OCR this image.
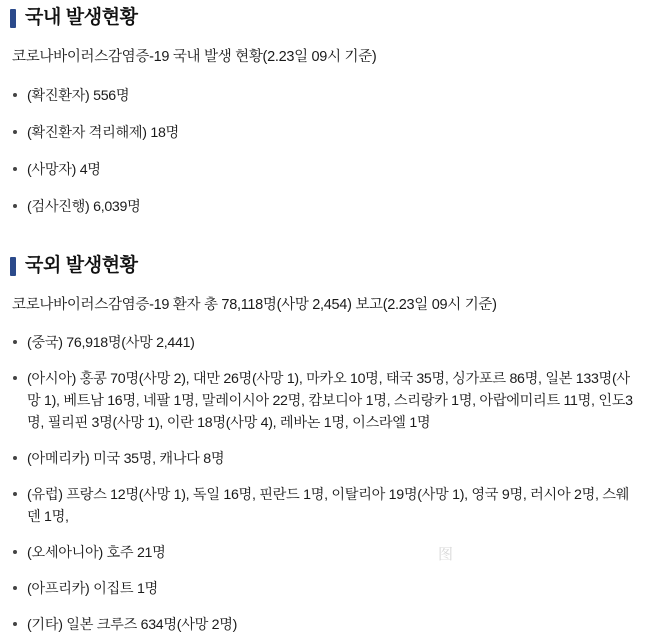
국내 발생현황

코로나바이러스감염증-19 국내 발생 현황(2.23일 09시 기준)

(확진환자) 556명
(확진환자 격리해제) 18명
(사망자) 4명
(검사진행) 6,039명
국외 발생현황

코로나바이러스감염증-19 환자 총 78,118명(사망 2,454) 보고(2.23일 09시 기준)

(중국) 76,918명(사망 2,441)
(아시아) 홍콩 70명(사망 2), 대만 26명(사망 1), 마카오 10명, 태국 35명, 싱가포르 86명, 일본 133명(사망 1), 베트남 16명, 네팔 1명, 말레이시아 22명, 캄보디아 1명, 스리랑카 1명, 아랍에미리트 11명, 인도3명, 필리핀 3명(사망 1), 이란 18명(사망 4), 레바논 1명, 이스라엘 1명
(아메리카) 미국 35명, 캐나다 8명
(유럽) 프랑스 12명(사망 1), 독일 16명, 핀란드 1명, 이탈리아 19명(사망 1), 영국 9명, 러시아 2명, 스웨덴 1명,
(오세아니아) 호주 21명
(아프리카) 이집트 1명
(기타) 일본 크루즈 634명(사망 2명)
图
